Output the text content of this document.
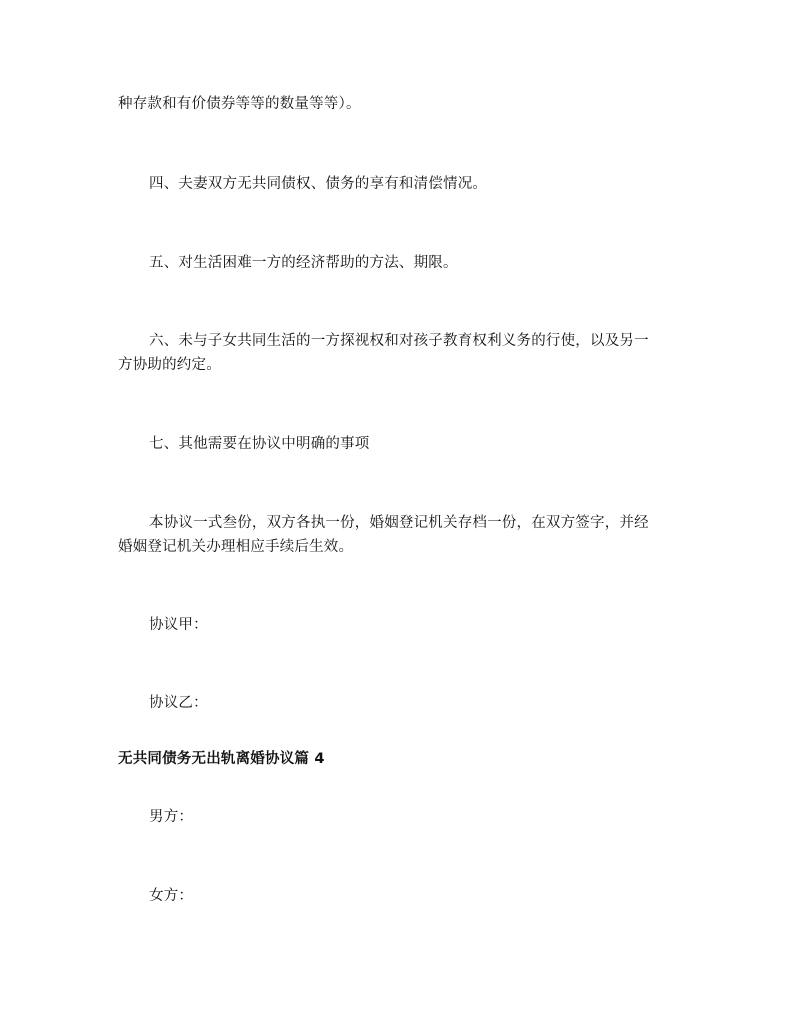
种存款和有价债券等等的数量等等）。
四、夫妻双方无共同债权、债务的享有和清偿情况。
五、对生活困难一方的经济帮助的方法、期限。
六、未与子女共同生活的一方探视权和对孩子教育权利义务的行使，以及另一
方协助的约定。
七、其他需要在协议中明确的事项
本协议一式叁份，双方各执一份，婚姻登记机关存档一份，在双方签字，并经
婚姻登记机关办理相应手续后生效。
协议甲：
协议乙：
无共同债务无出轨离婚协议篇 4
男方：
女方：
